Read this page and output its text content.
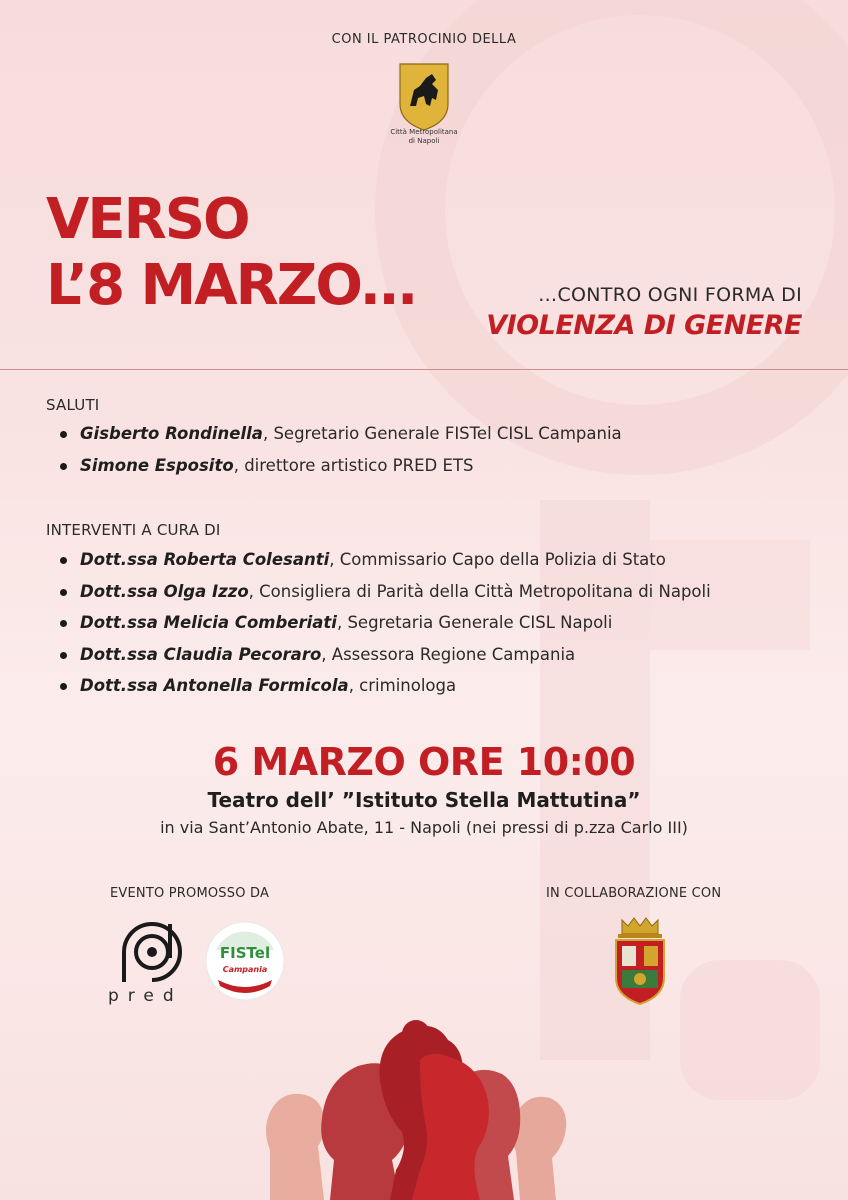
CON IL PATROCINIO DELLA
Città Metropolitana
di Napoli
VERSO
L’8 MARZO…	…CONTRO OGNI FORMA DI
VIOLENZA DI GENERE
SALUTI
Gisberto Rondinella, Segretario Generale FISTel CISL Campania
Simone Esposito, direttore artistico PRED ETS
INTERVENTI A CURA DI
Dott.ssa Roberta Colesanti, Commissario Capo della Polizia di Stato
Dott.ssa Olga Izzo, Consigliera di Parità della Città Metropolitana di Napoli
Dott.ssa Melicia Comberiati, Segretaria Generale CISL Napoli
Dott.ssa Claudia Pecoraro, Assessora Regione Campania
Dott.ssa Antonella Formicola, criminologa
6 MARZO ORE 10:00
Teatro dell’ ”Istituto Stella Mattutina”
in via Sant’Antonio Abate, 11 - Napoli (nei pressi di p.zza Carlo III)
EVENTO PROMOSSO DA	IN COLLABORAZIONE CON
pred
FISTel
Campania
